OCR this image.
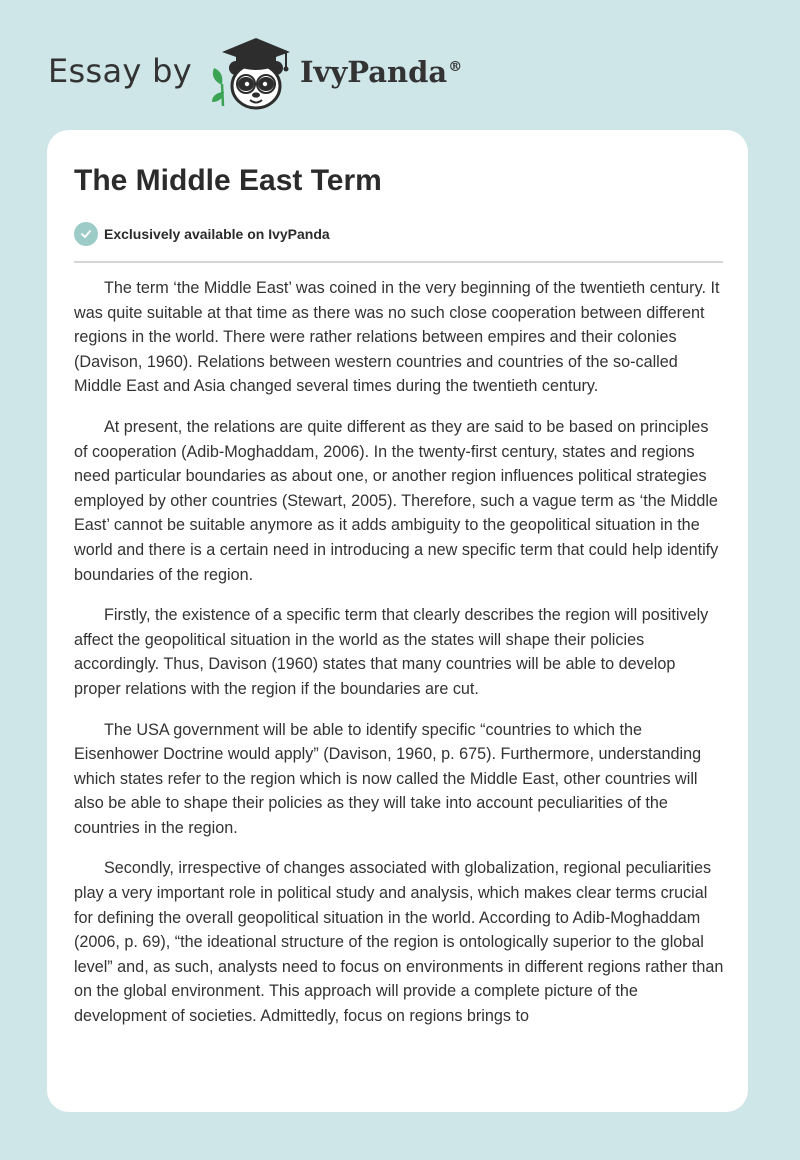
Essay by	IvyPanda®
The Middle East Term
Exclusively available on IvyPanda

The term ‘the Middle East’ was coined in the very beginning of the twentieth century. It was quite suitable at that time as there was no such close cooperation between different regions in the world. There were rather relations between empires and their colonies (Davison, 1960). Relations between western countries and countries of the so-called Middle East and Asia changed several times during the twentieth century.

At present, the relations are quite different as they are said to be based on principles of cooperation (Adib-Moghaddam, 2006). In the twenty-first century, states and regions need particular boundaries as about one, or another region influences political strategies employed by other countries (Stewart, 2005). Therefore, such a vague term as ‘the Middle East’ cannot be suitable anymore as it adds ambiguity to the geopolitical situation in the world and there is a certain need in introducing a new specific term that could help identify boundaries of the region.

Firstly, the existence of a specific term that clearly describes the region will positively affect the geopolitical situation in the world as the states will shape their policies accordingly. Thus, Davison (1960) states that many countries will be able to develop proper relations with the region if the boundaries are cut.

The USA government will be able to identify specific “countries to which the Eisenhower Doctrine would apply” (Davison, 1960, p. 675). Furthermore, understanding which states refer to the region which is now called the Middle East, other countries will also be able to shape their policies as they will take into account peculiarities of the countries in the region.

Secondly, irrespective of changes associated with globalization, regional peculiarities play a very important role in political study and analysis, which makes clear terms crucial for defining the overall geopolitical situation in the world. According to Adib-Moghaddam (2006, p. 69), “the ideational structure of the region is ontologically superior to the global level” and, as such, analysts need to focus on environments in different regions rather than on the global environment. This approach will provide a complete picture of the development of societies. Admittedly, focus on regions brings to
